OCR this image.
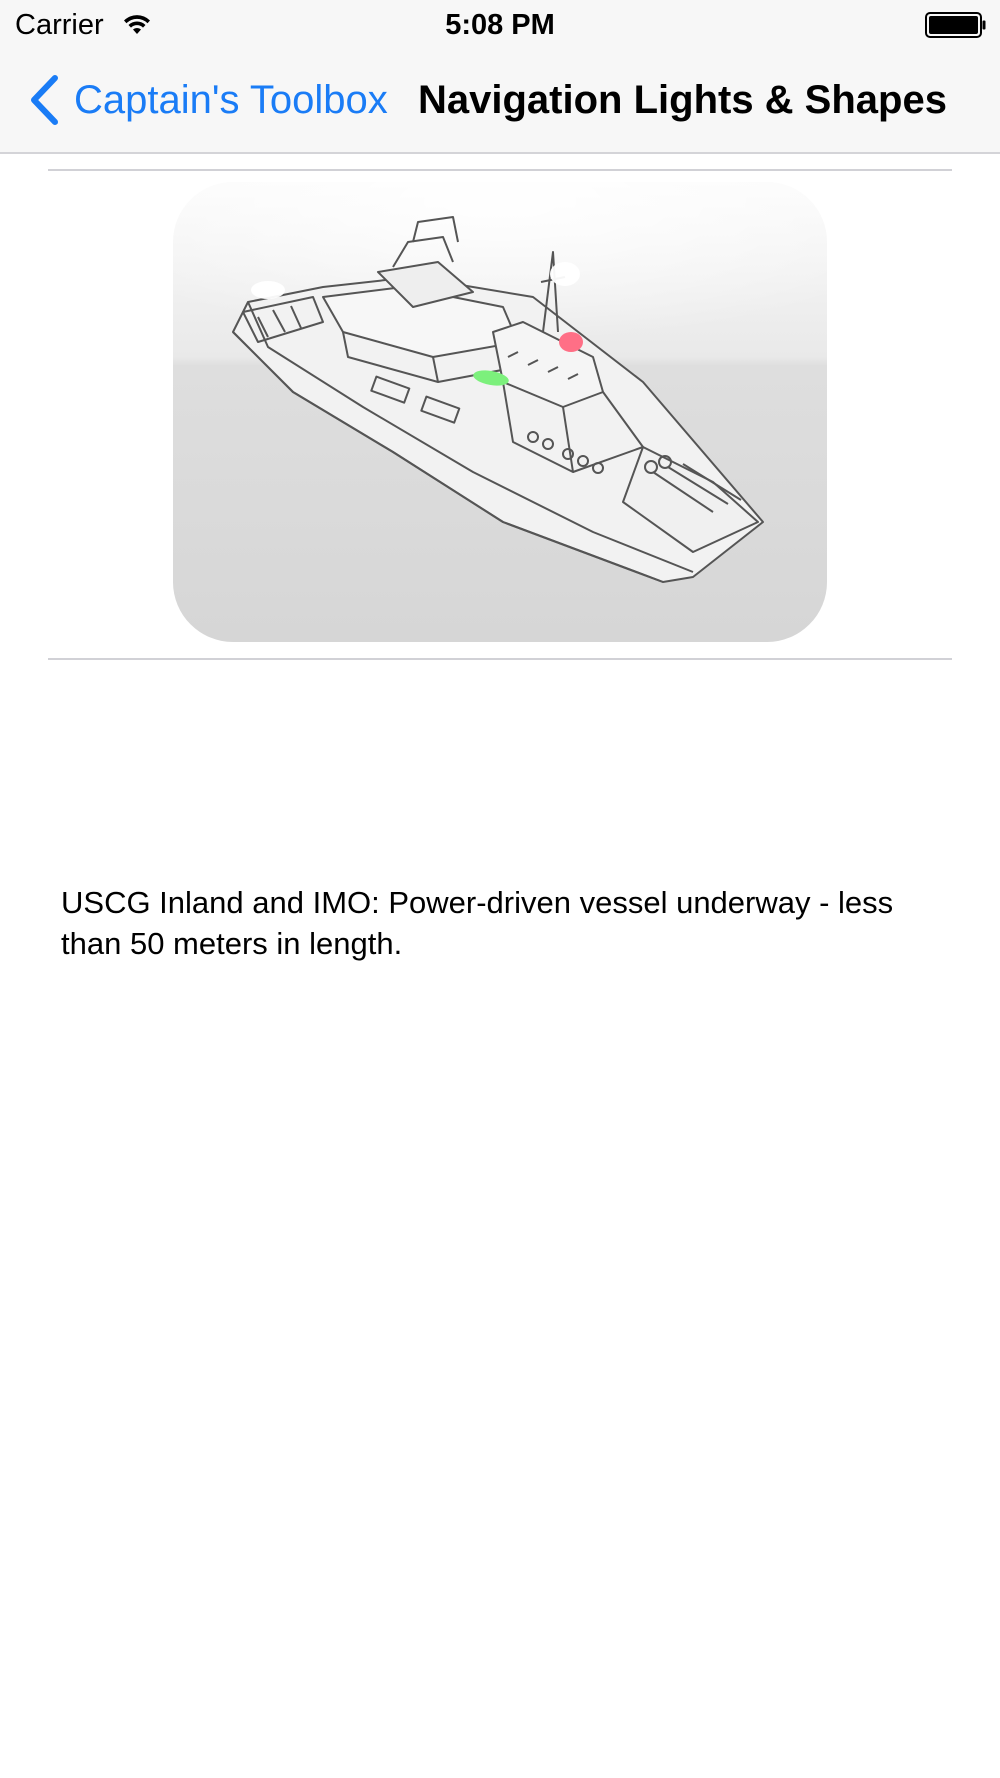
Carrier	5:08 PM
Captain's Toolbox Navigation Lights & Shapes
USCG Inland and IMO: Power-driven vessel underway - less than 50 meters in length.
